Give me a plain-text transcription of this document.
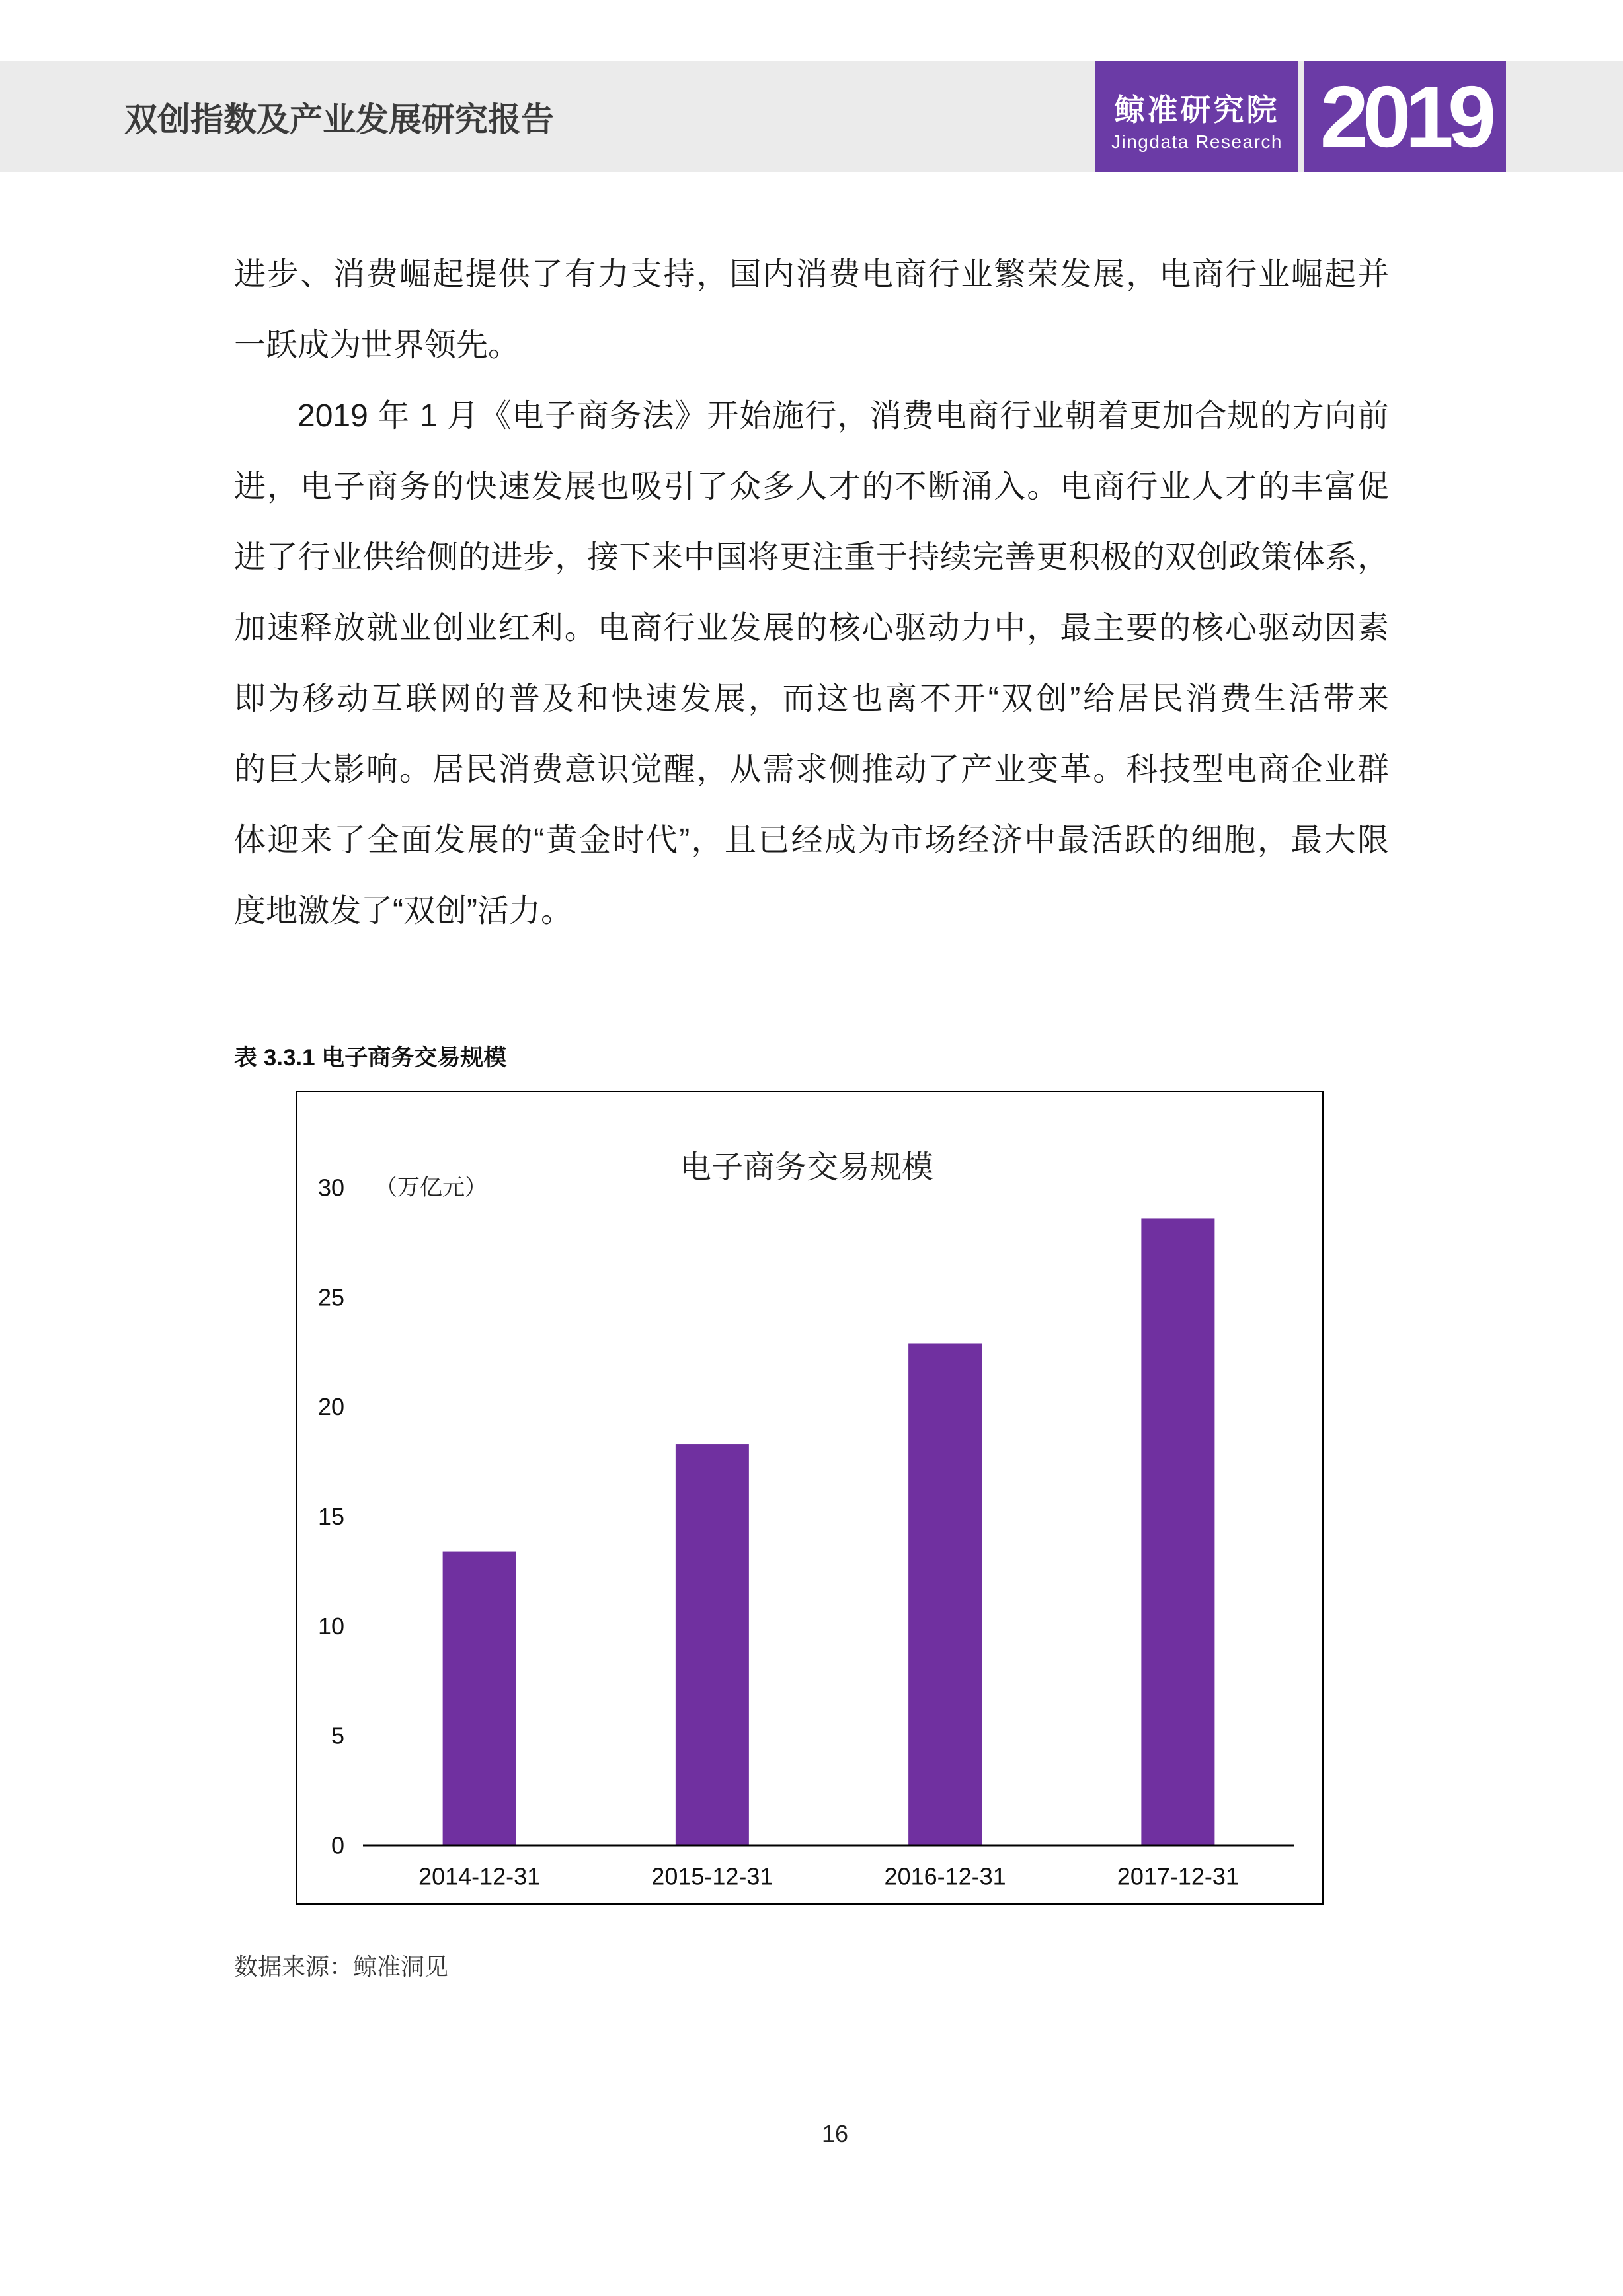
双创指数及产业发展研究报告	鲸准研究院
Jingdata Research 2019
进步、消费崛起提供了有力支持，国内消费电商行业繁荣发展，电商行业崛起并
一跃成为世界领先。
2019 年 1 月《电子商务法》开始施行，消费电商行业朝着更加合规的方向前
进，电子商务的快速发展也吸引了众多人才的不断涌入。电商行业人才的丰富促
进了行业供给侧的进步，接下来中国将更注重于持续完善更积极的双创政策体系，
加速释放就业创业红利。电商行业发展的核心驱动力中，最主要的核心驱动因素
即为移动互联网的普及和快速发展，而这也离不开“双创”给居民消费生活带来
的巨大影响。居民消费意识觉醒，从需求侧推动了产业变革。科技型电商企业群
体迎来了全面发展的“黄金时代”，且已经成为市场经济中最活跃的细胞，最大限
度地激发了“双创”活力。
表 3.3.1 电子商务交易规模
电子商务交易规模
（万亿元）
0
5
10
15
20
25
30
2014-12-31	2015-12-31	2016-12-31	2017-12-31
数据来源：鲸准洞见
16
